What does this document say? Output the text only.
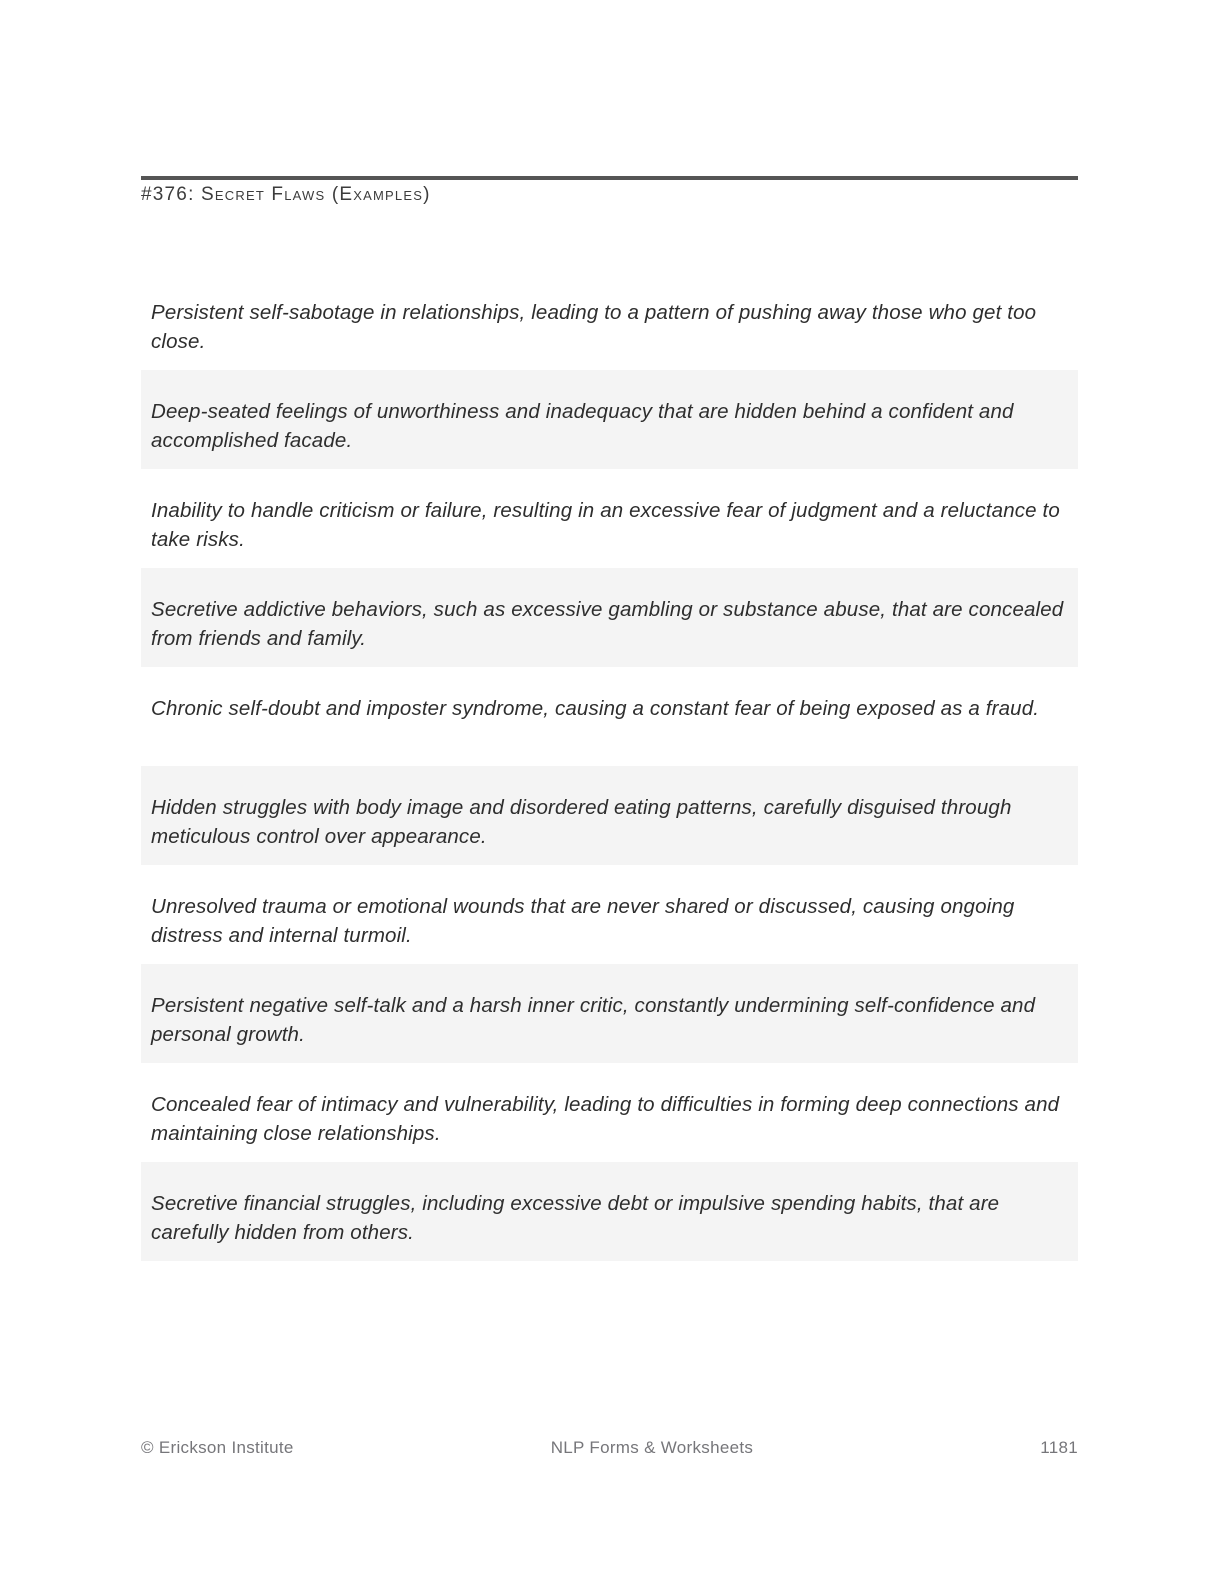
#376: Secret Flaws (Examples)

Persistent self-sabotage in relationships, leading to a pattern of pushing away those who get too close.

Deep-seated feelings of unworthiness and inadequacy that are hidden behind a confident and accomplished facade.

Inability to handle criticism or failure, resulting in an excessive fear of judgment and a reluctance to take risks.

Secretive addictive behaviors, such as excessive gambling or substance abuse, that are concealed from friends and family.

Chronic self-doubt and imposter syndrome, causing a constant fear of being exposed as a fraud.

Hidden struggles with body image and disordered eating patterns, carefully disguised through meticulous control over appearance.

Unresolved trauma or emotional wounds that are never shared or discussed, causing ongoing distress and internal turmoil.

Persistent negative self-talk and a harsh inner critic, constantly undermining self-confidence and personal growth.

Concealed fear of intimacy and vulnerability, leading to difficulties in forming deep connections and maintaining close relationships.

Secretive financial struggles, including excessive debt or impulsive spending habits, that are carefully hidden from others.

© Erickson Institute	NLP Forms & Worksheets	1181
